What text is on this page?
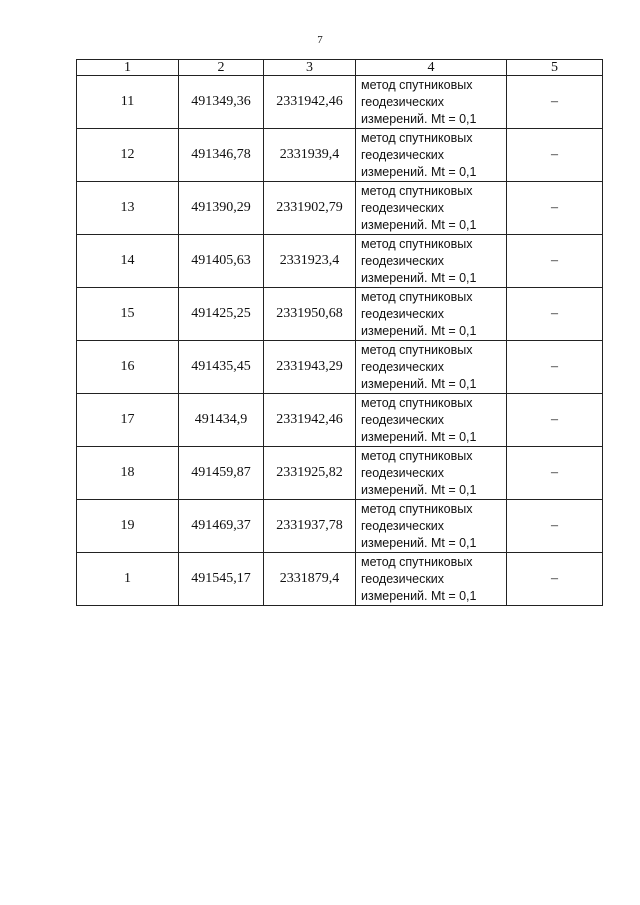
7
1	2	3	4	5
11	491349,36	2331942,46	метод спутниковых
геодезических
измерений. Mt = 0,1	–
12	491346,78	2331939,4	метод спутниковых
геодезических
измерений. Mt = 0,1	–
13	491390,29	2331902,79	метод спутниковых
геодезических
измерений. Mt = 0,1	–
14	491405,63	2331923,4	метод спутниковых
геодезических
измерений. Mt = 0,1	–
15	491425,25	2331950,68	метод спутниковых
геодезических
измерений. Mt = 0,1	–
16	491435,45	2331943,29	метод спутниковых
геодезических
измерений. Mt = 0,1	–
17	491434,9	2331942,46	метод спутниковых
геодезических
измерений. Mt = 0,1	–
18	491459,87	2331925,82	метод спутниковых
геодезических
измерений. Mt = 0,1	–
19	491469,37	2331937,78	метод спутниковых
геодезических
измерений. Mt = 0,1	–
1	491545,17	2331879,4	метод спутниковых
геодезических
измерений. Mt = 0,1	–
